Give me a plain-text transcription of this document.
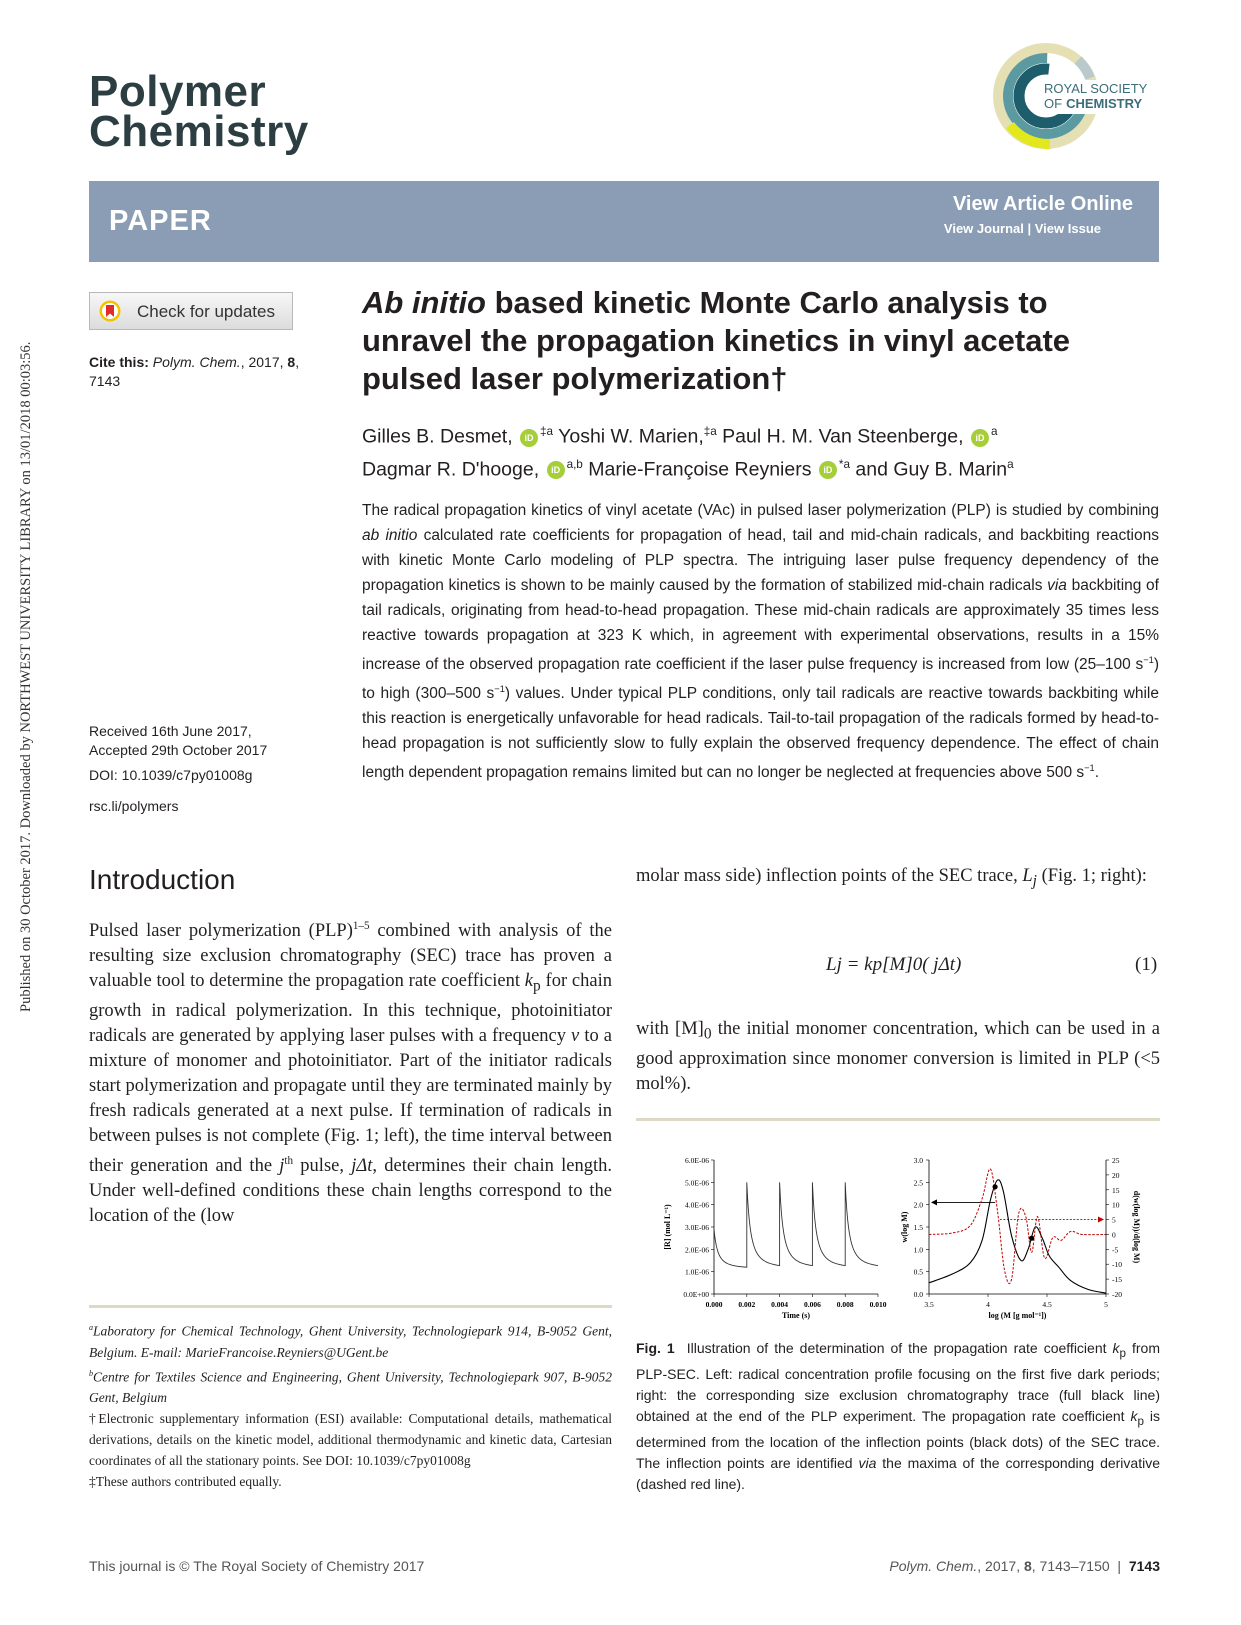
Published on 30 October 2017. Downloaded by NORTHWEST UNIVERSITY LIBRARY on 13/01/2018 00:03:56.
Polymer
Chemistry
ROYAL SOCIETY
OF CHEMISTRY
PAPER
View Article Online
View Journal | View Issue
Check for updates
Cite this: Polym. Chem., 2017, 8,
7143
Ab initio based kinetic Monte Carlo analysis to
unravel the propagation kinetics in vinyl acetate
pulsed laser polymerization†
Gilles B. Desmet, iD $^{\ddagger a}$ Yoshi W. Marien,$^{\ddagger a}$ Paul H. M. Van Steenberge, iD $^a$
Dagmar R. D'hooge, iD $^{a,b}$ Marie-Françoise Reyniers iD $^{*a}$ and Guy B. Marin$^a$
The radical propagation kinetics of vinyl acetate (VAc) in pulsed laser polymerization (PLP) is studied by combining ab initio calculated rate coefficients for propagation of head, tail and mid-chain radicals, and backbiting reactions with kinetic Monte Carlo modeling of PLP spectra. The intriguing laser pulse frequency dependency of the propagation kinetics is shown to be mainly caused by the formation of stabilized mid-chain radicals via backbiting of tail radicals, originating from head-to-head propagation. These mid-chain radicals are approximately 35 times less reactive towards propagation at 323 K which, in agreement with experimental observations, results in a 15% increase of the observed propagation rate coefficient if the laser pulse frequency is increased from low (25–100 $s^{-1}$) to high (300–500 $s^{-1}$) values. Under typical PLP conditions, only tail radicals are reactive towards backbiting while this reaction is energetically unfavorable for head radicals. Tail-to-tail propagation of the radicals formed by head-to-head propagation is not sufficiently slow to fully explain the observed frequency dependence. The effect of chain length dependent propagation remains limited but can no longer be neglected at frequencies above 500 $s^{-1}$.
Received 16th June 2017,
Accepted 29th October 2017
DOI: 10.1039/c7py01008g
rsc.li/polymers
Introduction
Pulsed laser polymerization (PLP)$^{1-5}$ combined with analysis of the resulting size exclusion chromatography (SEC) trace has proven a valuable tool to determine the propagation rate coefficient $k_p$ for chain growth in radical polymerization. In this technique, photoinitiator radicals are generated by applying laser pulses with a frequency ν to a mixture of monomer and photoinitiator. Part of the initiator radicals start polymerization and propagate until they are terminated mainly by fresh radicals generated at a next pulse. If termination of radicals in between pulses is not complete (Fig. 1; left), the time interval between their generation and the $j^{th}$ pulse, jΔt, determines their chain length. Under well-defined conditions these chain lengths correspond to the location of the (low
molar mass side) inflection points of the SEC trace, $L_j$ (Fig. 1; right):
Lj = kp[M]0( jΔt)	(1)
with $[M]_0$ the initial monomer concentration, which can be used in a good approximation since monomer conversion is limited in PLP (<5 mol%).
0.0E+00
1.0E-06
2.0E-06
3.0E-06
4.0E-06
5.0E-06
6.0E-06
0.000 0.002 0.004 0.006 0.008 0.010
Time (s)
[R] (mol L⁻¹)
0.0
0.5
1.0
1.5
2.0
2.5
3.0
-20
-15
-10
-5
0
5
10
15
20
25
3.5	4	4.5	5
log (M [g mol⁻¹])
w(log M)	d(w(log M))/d(log M)
Fig. 1 Illustration of the determination of the propagation rate coefficient $k_p$ from PLP-SEC. Left: radical concentration profile focusing on the first five dark periods; right: the corresponding size exclusion chromatography trace (full black line) obtained at the end of the PLP experiment. The propagation rate coefficient $k_p$ is determined from the location of the inflection points (black dots) of the SEC trace. The inflection points are identified via the maxima of the corresponding derivative (dashed red line).
$^a$Laboratory for Chemical Technology, Ghent University, Technologiepark 914, B-9052 Gent, Belgium. E-mail: MarieFrancoise.Reyniers@UGent.be
$^b$Centre for Textiles Science and Engineering, Ghent University, Technologiepark 907, B-9052 Gent, Belgium
†Electronic supplementary information (ESI) available: Computational details, mathematical derivations, details on the kinetic model, additional thermodynamic and kinetic data, Cartesian coordinates of all the stationary points. See DOI: 10.1039/c7py01008g
‡These authors contributed equally.
This journal is © The Royal Society of Chemistry 2017	Polym. Chem., 2017, 8, 7143–7150 | 7143
